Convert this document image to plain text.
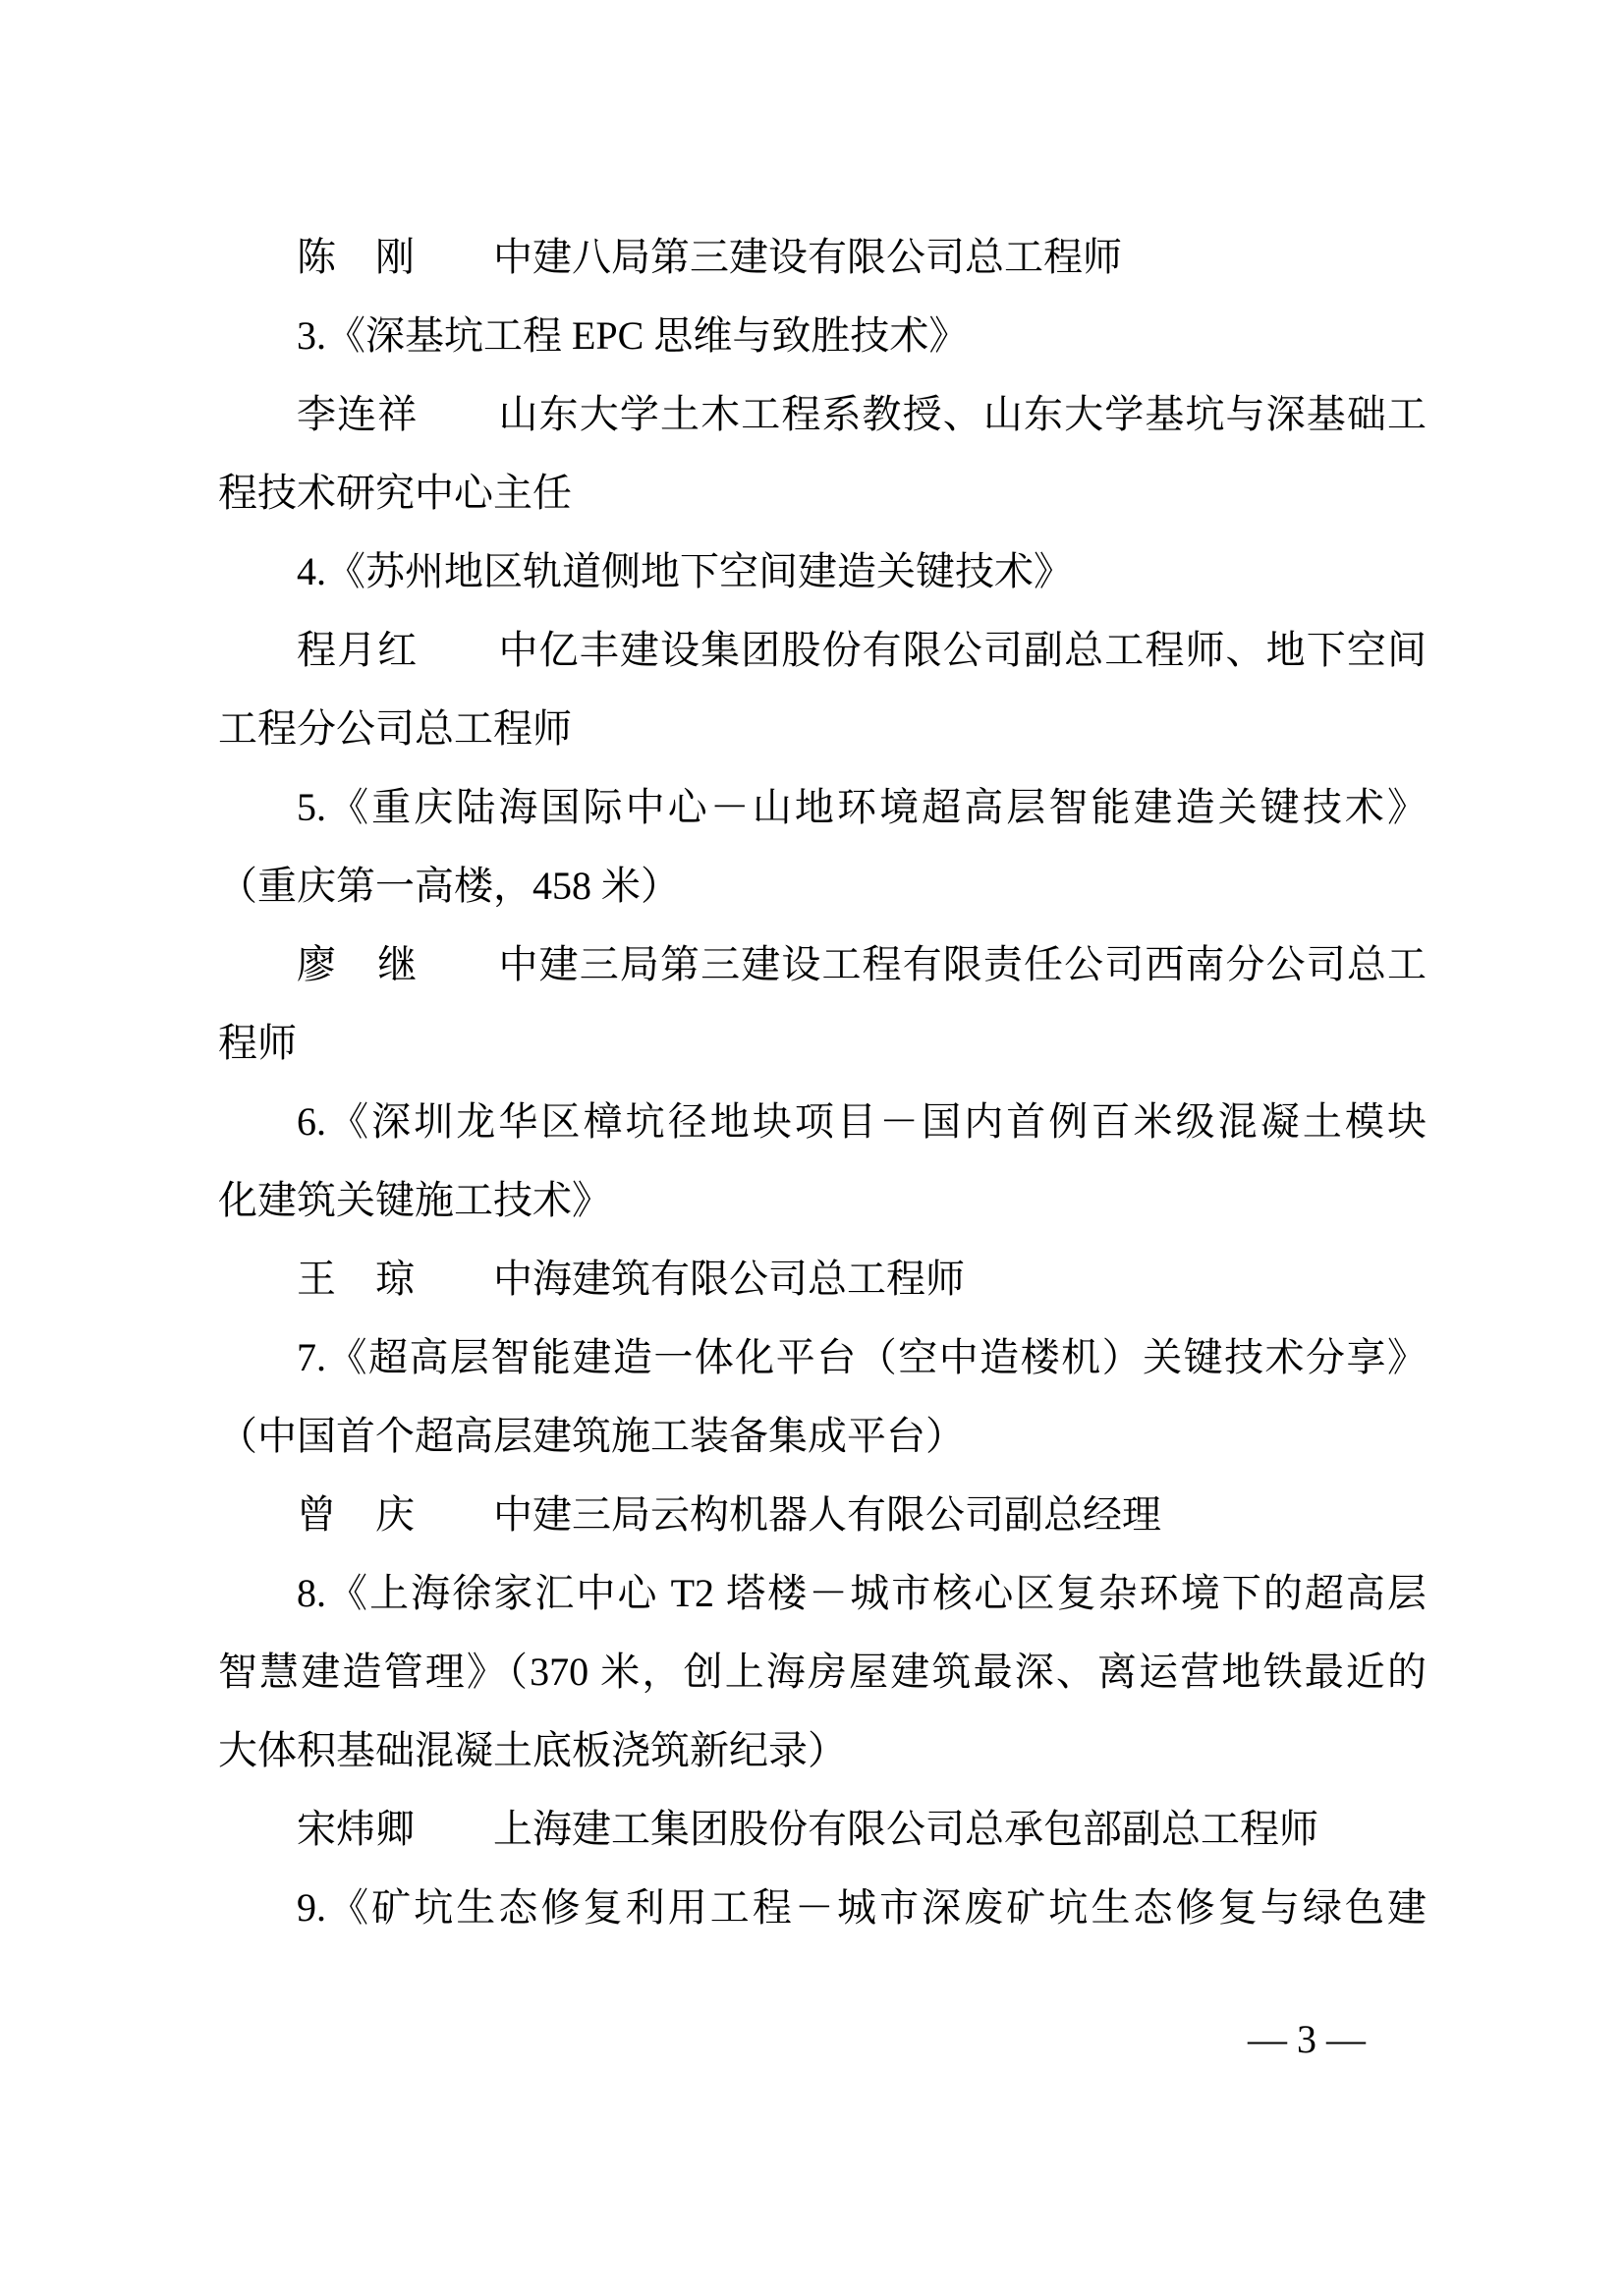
陈　刚　　中建八局第三建设有限公司总工程师
3.《深基坑工程 EPC 思维与致胜技术》
李连祥　　山东大学土木工程系教授、山东大学基坑与深基础工
程技术研究中心主任
4.《苏州地区轨道侧地下空间建造关键技术》
程月红　　中亿丰建设集团股份有限公司副总工程师、地下空间
工程分公司总工程师
5.《重庆陆海国际中心－山地环境超高层智能建造关键技术》
（重庆第一高楼，458 米）
廖　继　　中建三局第三建设工程有限责任公司西南分公司总工
程师
6.《深圳龙华区樟坑径地块项目－国内首例百米级混凝土模块
化建筑关键施工技术》
王　琼　　中海建筑有限公司总工程师
7.《超高层智能建造一体化平台（空中造楼机）关键技术分享》
（中国首个超高层建筑施工装备集成平台）
曾　庆　　中建三局云构机器人有限公司副总经理
8.《上海徐家汇中心 T2 塔楼－城市核心区复杂环境下的超高层
智慧建造管理》（370 米，创上海房屋建筑最深、离运营地铁最近的
大体积基础混凝土底板浇筑新纪录）
宋炜卿　　上海建工集团股份有限公司总承包部副总工程师
9.《矿坑生态修复利用工程－城市深废矿坑生态修复与绿色建
— 3 —
